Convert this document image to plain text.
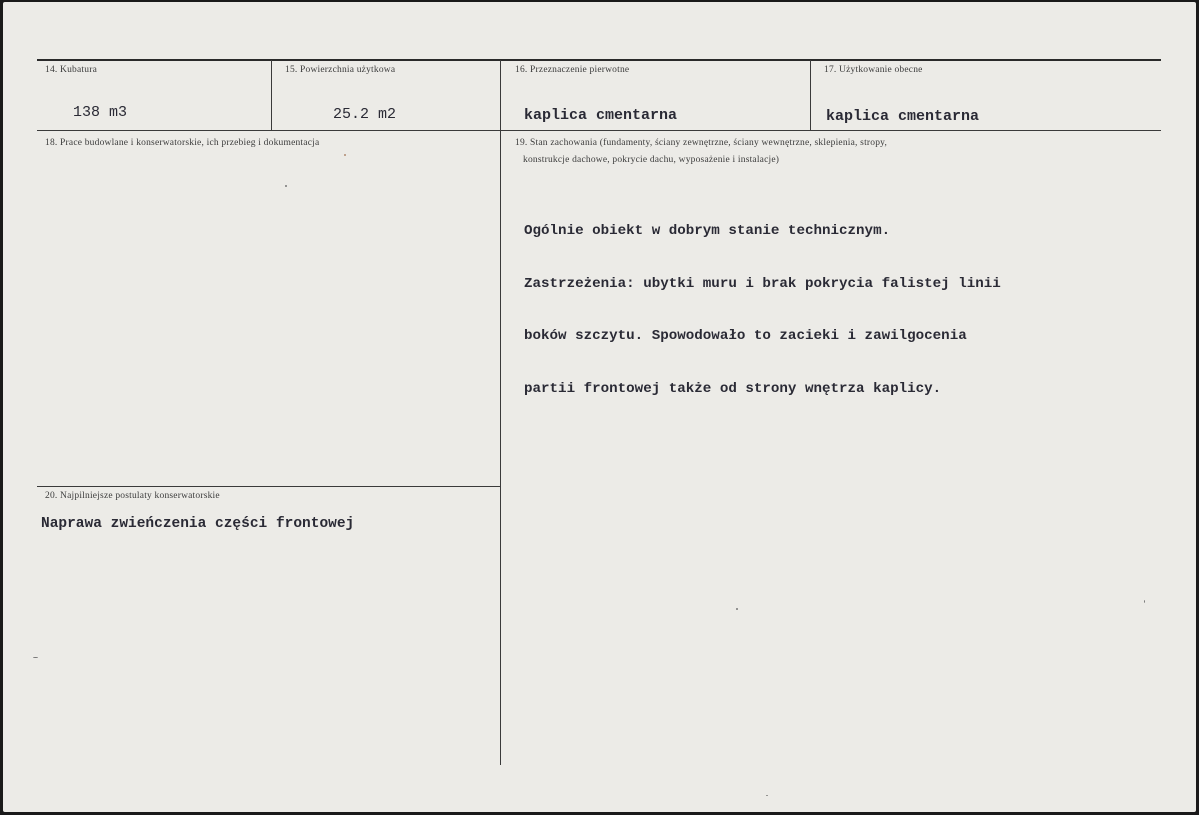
14. Kubatura
138 m3
15. Powierzchnia użytkowa
25.2 m2
16. Przeznaczenie pierwotne
kaplica cmentarna
17. Użytkowanie obecne
kaplica cmentarna
18. Prace budowlane i konserwatorskie, ich przebieg i dokumentacja	19. Stan zachowania (fundamenty, ściany zewnętrzne, ściany wewnętrzne, sklepienia, stropy,
konstrukcje dachowe, pokrycie dachu, wyposażenie i instalacje)

Ogólnie obiekt w dobrym stanie technicznym.

Zastrzeżenia: ubytki muru i brak pokrycia falistej linii

boków szczytu. Spowodowało to zacieki i zawilgocenia

partii frontowej także od strony wnętrza kaplicy.

20. Najpilniejsze postulaty konserwatorskie
Naprawa zwieńczenia części frontowej
